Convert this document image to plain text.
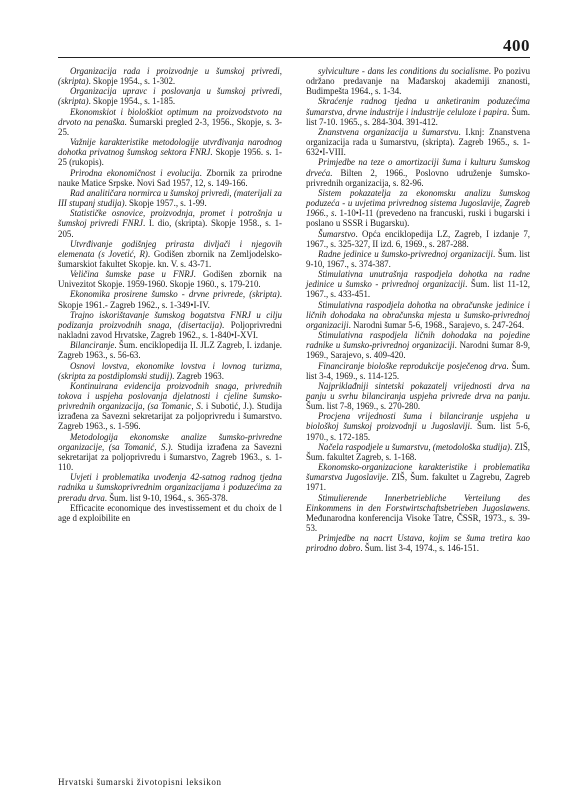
400

Organizacija rada i proizvodnje u šumskoj privredi, (skripta). Skopje 1954., s. 1-302.

Organizacija upravc i poslovanja u šumskoj privredi, (skripta). Skopje 1954., s. 1-185.

Ekonomskiot i biološkiot optimum na proizvodstvoto na drvoto na penaška. Šumarski pregled 2-3, 1956., Skopje, s. 3-25.

Važnije karakteristike metodologije utvrđivanja narodnog dohotka privatnog šumskog sektora FNRJ. Skopje 1956. s. 1-25 (rukopis).

Prirodna ekonomičnost i evolucija. Zbornik za prirodne nauke Matice Srpske. Novi Sad 1957, 12, s. 149-166.

Rad analitičara normirca u šumskoj privredi, (materijali za III stupanj studija). Skopje 1957., s. 1-99.

Statističke osnovice, proizvodnja, promet i potrošnja u šumskoj privredi FNRJ. I. dio, (skripta). Skopje 1958., s. 1-205.

Utvrđivanje godišnjeg prirasta divljači i njegovih elemenata (s Jovetić, R). Godišen zbornik na Zemljodelsko-šumarskiot fakultet Skopje. kn. V. s. 43-71.

Veličina šumske pase u FNRJ. Godišen zbornik na Univezitot Skopje. 1959-1960. Skopje 1960., s. 179-210.

Ekonomika prosirene šumsko - drvne privrede, (skripta). Skopje 1961.- Zagreb 1962., s. 1-349•I-IV.

Trajno iskorištavanje šumskog bogatstva FNRJ u cilju podizanja proizvodnih snaga, (disertacija). Poljoprivredni nakladni zavod Hrvatske, Zagreb 1962., s. 1-840•I-XVI.

Bilanciranje. Šum. enciklopedija II. JLZ Zagreb, I. izdanje. Zagreb 1963., s. 56-63.

Osnovi lovstva, ekonomike lovstva i lovnog turizma, (skripta za postdiplomski studij). Zagreb 1963.

Kontinuirana evidencija proizvodnih snaga, privrednih tokova i uspjeha poslovanja djelatnosti i cjeline šumsko-privrednih organizacija, (sa Tomanic, S. i Subotić, J.). Studija izrađena za Savezni sekretarijat za poljoprivredu i šumarstvo. Zagreb 1963., s. 1-596.

Metodologija ekonomske analize šumsko-privredne organizacije, (sa Tomanić, S.). Studija izrađena za Savezni sekretarijat za poljoprivredu i šumarstvo, Zagreb 1963., s. 1-110.

Uvjeti i problematika uvođenja 42-satnog radnog tjedna radnika u šumskoprivrednim organizacijama i poduzećima za preradu drva. Šum. list 9-10, 1964., s. 365-378.

Efficacite economique des investissement et du choix de l age d exploibilite en

sylviculture - dans les conditions du socialisme. Po pozivu održano predavanje na Mađarskoj akademiji znanosti, Budimpešta 1964., s. 1-34.

Skraćenje radnog tjedna u anketiranim poduzećima šumarstva, drvne industrije i industrije celuloze i papira. Šum. list 7-10. 1965., s. 284-304. 391-412.

Znanstvena organizacija u šumarstvu. I.knj: Znanstvena organizacija rada u šumarstvu, (skripta). Zagreb 1965., s. 1-632•I-VIII.

Primjedbe na teze o amortizaciji šuma i kulturu šumskog drveća. Bilten 2, 1966., Poslovno udruženje šumsko-privrednih organizacija, s. 82-96.

Sistem pokazatelja za ekonomsku analizu šumskog poduzeća - u uvjetima privrednog sistema Jugoslavije, Zagreb 1966., s. 1-10•I-11 (prevedeno na francuski, ruski i bugarski i poslano u SSSR i Bugarsku).

Šumarstvo. Opća enciklopedija LZ, Zagreb, I izdanje 7, 1967., s. 325-327, II izd. 6, 1969., s. 287-288.

Radne jedinice u šumsko-privrednoj organizaciji. Šum. list 9-10, 1967., s. 374-387.

Stimulativna unutrašnja raspodjela dohotka na radne jedinice u šumsko - privrednoj organizaciji. Šum. list 11-12, 1967., s. 433-451.

Stimulativna raspodjela dohotka na obračunske jedinice i ličnih dohodaka na obračunska mjesta u šumsko-privrednoj organizaciji. Narodni šumar 5-6, 1968., Sarajevo, s. 247-264.

Stimulativna raspodjela ličnih dohodaka na pojedine radnike u šumsko-privrednoj organizaciji. Narodni šumar 8-9, 1969., Sarajevo, s. 409-420.

Financiranje biološke reprodukcije posječenog drva. Šum. list 3-4, 1969., s. 114-125.

Najpriklađniji sintetski pokazatelj vrijednosti drva na panju u svrhu bilanciranja uspjeha privrede drva na panju. Šum. list 7-8, 1969., s. 270-280.

Procjena vrijednosti šuma i bilanciranje uspjeha u biološkoj šumskoj proizvodnji u Jugoslaviji. Šum. list 5-6, 1970., s. 172-185.

Načela raspodjele u šumarstvu, (metodološka studija). ZIŠ, Šum. fakultet Zagreb, s. 1-168.

Ekonomsko-organizacione karakteristike i problematika šumarstva Jugoslavije. ZIŠ, Šum. fakultet u Zagrebu, Zagreb 1971.

Stimulierende Innerbetriebliche Verteilung des Einkommens in den Forstwirtschaftsbetrieben Jugoslawens. Međunarodna konferencija Visoke Tatre, ČSSR, 1973., s. 39-53.

Primjedbe na nacrt Ustava, kojim se šuma tretira kao prirodno dobro. Šum. list 3-4, 1974., s. 146-151.

Hrvatski šumarski životopisni leksikon
